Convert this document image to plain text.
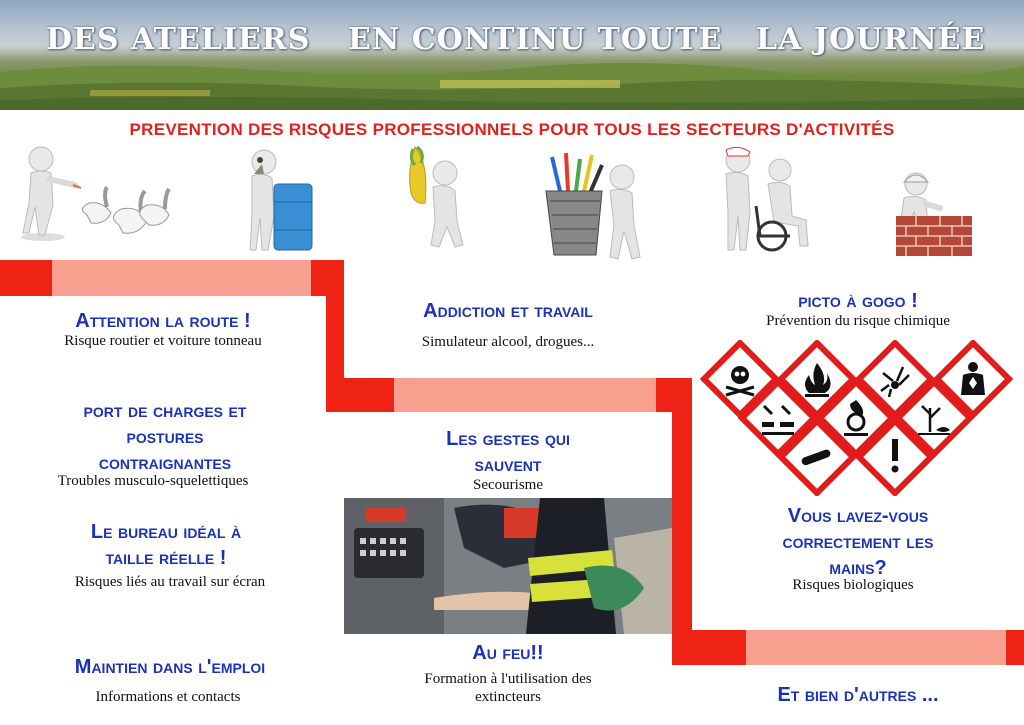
DES ATELIERS EN CONTINU TOUTE LA JOURNÉE
PREVENTION DES RISQUES PROFESSIONNELS POUR TOUS LES SECTEURS D'ACTIVITÉS
Attention la route !
Risque routier et voiture tonneau
Addiction et travail
Simulateur alcool, drogues...
picto à gogo !
Prévention du risque chimique
port de charges et
postures
contraignantes
Troubles musculo-squelettiques
Les gestes qui
sauvent
Secourisme
Le bureau idéal à
taille réelle !
Risques liés au travail sur écran
Vous lavez-vous
correctement les
mains?
Risques biologiques
Maintien dans l'emploi
Informations et contacts
Au feu!!
Formation à l'utilisation des
extincteurs	Et bien d'autres ...
